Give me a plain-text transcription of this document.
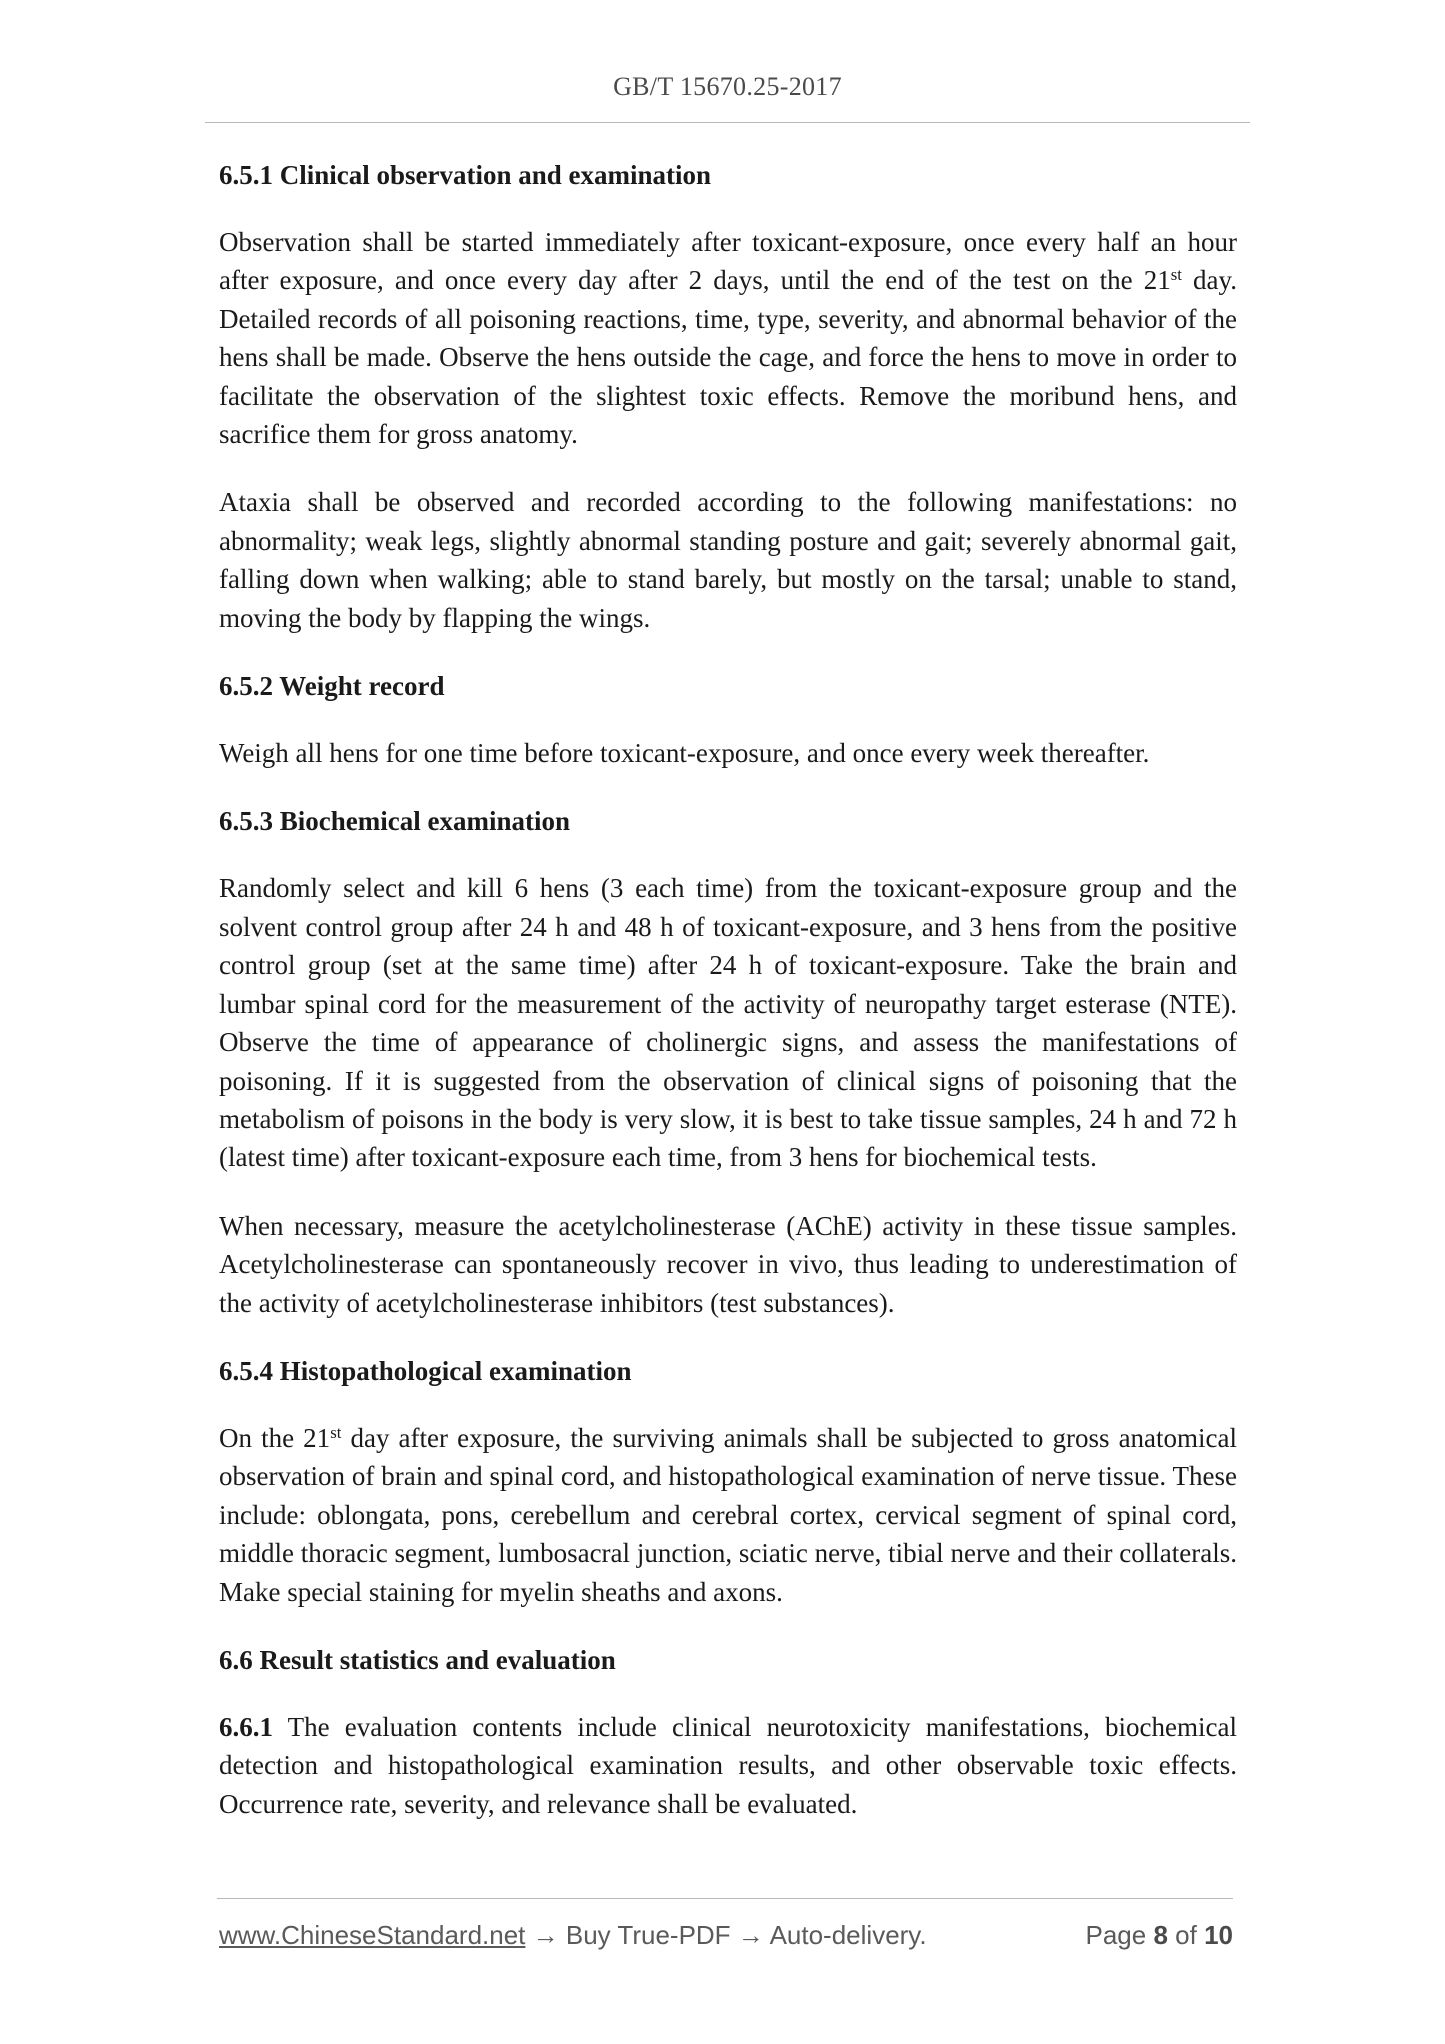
GB/T 15670.25-2017
6.5.1 Clinical observation and examination

Observation shall be started immediately after toxicant-exposure, once every half an hour after exposure, and once every day after 2 days, until the end of the test on the 21st day. Detailed records of all poisoning reactions, time, type, severity, and abnormal behavior of the hens shall be made. Observe the hens outside the cage, and force the hens to move in order to facilitate the observation of the slightest toxic effects. Remove the moribund hens, and sacrifice them for gross anatomy.

Ataxia shall be observed and recorded according to the following manifestations: no abnormality; weak legs, slightly abnormal standing posture and gait; severely abnormal gait, falling down when walking; able to stand barely, but mostly on the tarsal; unable to stand, moving the body by flapping the wings.

6.5.2 Weight record

Weigh all hens for one time before toxicant-exposure, and once every week thereafter.

6.5.3 Biochemical examination

Randomly select and kill 6 hens (3 each time) from the toxicant-exposure group and the solvent control group after 24 h and 48 h of toxicant-exposure, and 3 hens from the positive control group (set at the same time) after 24 h of toxicant-exposure. Take the brain and lumbar spinal cord for the measurement of the activity of neuropathy target esterase (NTE). Observe the time of appearance of cholinergic signs, and assess the manifestations of poisoning. If it is suggested from the observation of clinical signs of poisoning that the metabolism of poisons in the body is very slow, it is best to take tissue samples, 24 h and 72 h (latest time) after toxicant-exposure each time, from 3 hens for biochemical tests.

When necessary, measure the acetylcholinesterase (AChE) activity in these tissue samples. Acetylcholinesterase can spontaneously recover in vivo, thus leading to underestimation of the activity of acetylcholinesterase inhibitors (test substances).

6.5.4 Histopathological examination

On the 21st day after exposure, the surviving animals shall be subjected to gross anatomical observation of brain and spinal cord, and histopathological examination of nerve tissue. These include: oblongata, pons, cerebellum and cerebral cortex, cervical segment of spinal cord, middle thoracic segment, lumbosacral junction, sciatic nerve, tibial nerve and their collaterals. Make special staining for myelin sheaths and axons.

6.6 Result statistics and evaluation

6.6.1 The evaluation contents include clinical neurotoxicity manifestations, biochemical detection and histopathological examination results, and other observable toxic effects. Occurrence rate, severity, and relevance shall be evaluated.

www.ChineseStandard.net → Buy True-PDF → Auto-delivery.	Page 8 of 10
